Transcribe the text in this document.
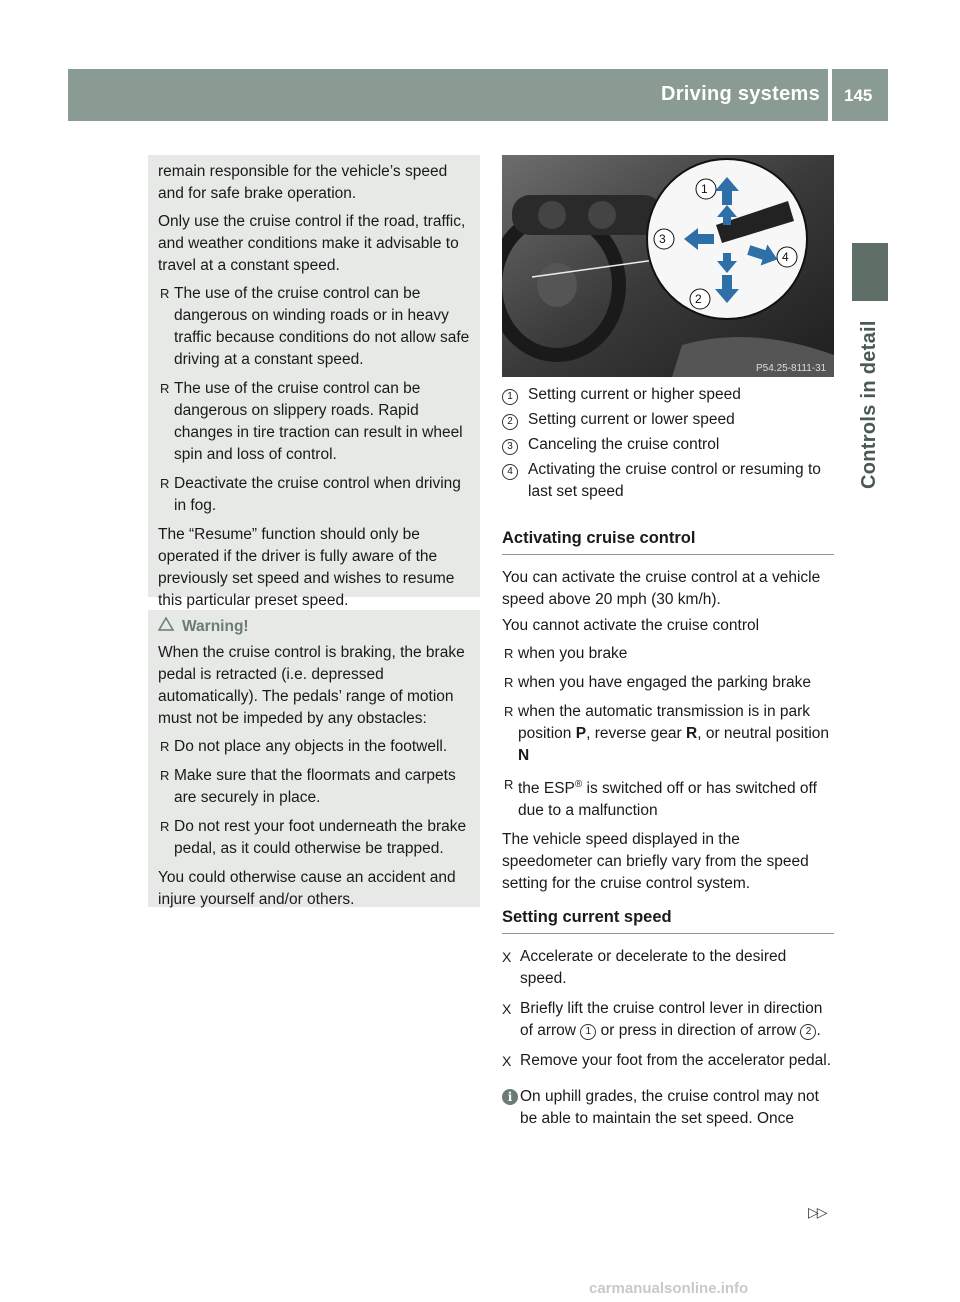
Driving systems 145
Controls in detail

remain responsible for the vehicle’s speed and for safe brake operation.

Only use the cruise control if the road, traffic, and weather conditions make it advisable to travel at a constant speed.

R The use of the cruise control can be dangerous on winding roads or in heavy traffic because conditions do not allow safe driving at a constant speed.
R The use of the cruise control can be dangerous on slippery roads. Rapid changes in tire traction can result in wheel spin and loss of control.
R Deactivate the cruise control when driving in fog.

The “Resume” function should only be operated if the driver is fully aware of the previously set speed and wishes to resume this particular preset speed.

Warning!

When the cruise control is braking, the brake pedal is retracted (i.e. depressed automatically). The pedals’ range of motion must not be impeded by any obstacles:

R Do not place any objects in the footwell.
R Make sure that the floormats and carpets are securely in place.
R Do not rest your foot underneath the brake pedal, as it could otherwise be trapped.

You could otherwise cause an accident and injure yourself and/or others.

1
2
3
4
P54.25-8111-31
1 Setting current or higher speed
2 Setting current or lower speed
3 Canceling the cruise control
4 Activating the cruise control or resuming to last set speed
Activating cruise control

You can activate the cruise control at a vehicle speed above 20 mph (30 km/h).

You cannot activate the cruise control

R when you brake
R when you have engaged the parking brake
R when the automatic transmission is in park position P, reverse gear R, or neutral position N
R the ESP® is switched off or has switched off due to a malfunction

The vehicle speed displayed in the speedometer can briefly vary from the speed setting for the cruise control system.

Setting current speed
X Accelerate or decelerate to the desired speed.
X Briefly lift the cruise control lever in direction of arrow 1 or press in direction of arrow 2 .
X Remove your foot from the accelerator pedal.
i On uphill grades, the cruise control may not be able to maintain the set speed. Once
▷▷
carmanualsonline.info
